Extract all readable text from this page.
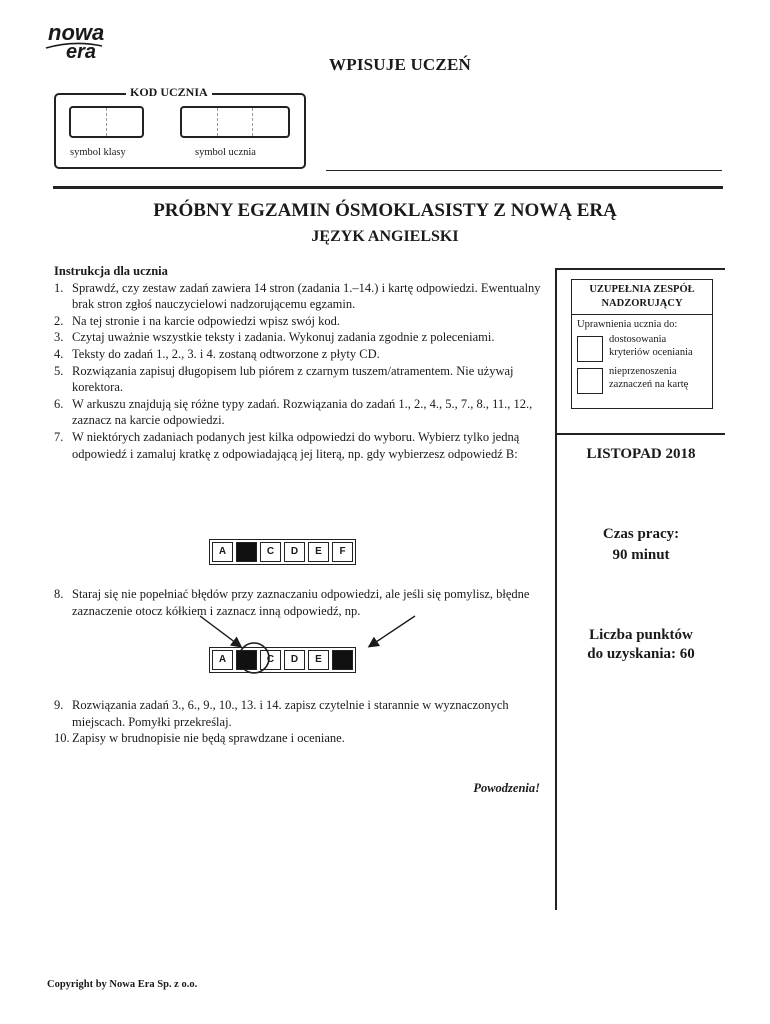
nowa
era
WPISUJE UCZEŃ
KOD UCZNIA
symbol klasy	symbol ucznia
PRÓBNY EGZAMIN ÓSMOKLASISTY Z NOWĄ ERĄ
JĘZYK ANGIELSKI
Instrukcja dla ucznia
1. Sprawdź, czy zestaw zadań zawiera 14 stron (zadania 1.–14.) i kartę odpowiedzi. Ewentualny brak stron zgłoś nauczycielowi nadzorującemu egzamin.
2. Na tej stronie i na karcie odpowiedzi wpisz swój kod.
3. Czytaj uważnie wszystkie teksty i zadania. Wykonuj zadania zgodnie z poleceniami.
4. Teksty do zadań 1., 2., 3. i 4. zostaną odtworzone z płyty CD.
5. Rozwiązania zapisuj długopisem lub piórem z czarnym tuszem/atramentem. Nie używaj korektora.
6. W arkuszu znajdują się różne typy zadań. Rozwiązania do zadań 1., 2., 4., 5., 7., 8., 11., 12., zaznacz na karcie odpowiedzi.
7. W niektórych zadaniach podanych jest kilka odpowiedzi do wyboru. Wybierz tylko jedną odpowiedź i zamaluj kratkę z odpowiadającą jej literą, np. gdy wybierzesz odpowiedź B:
8. Staraj się nie popełniać błędów przy zaznaczaniu odpowiedzi, ale jeśli się pomylisz, błędne zaznaczenie otocz kółkiem i zaznacz inną odpowiedź, np.
A	C	D	E	F
A	C	D	E
9. Rozwiązania zadań 3., 6., 9., 10., 13. i 14. zapisz czytelnie i starannie w wyznaczonych miejscach. Pomyłki przekreślaj.
10. Zapisy w brudnopisie nie będą sprawdzane i oceniane.
Powodzenia!
UZUPEŁNIA ZESPÓŁ NADZORUJĄCY
Uprawnienia ucznia do:
dostosowania kryteriów oceniania
nieprzenoszenia zaznaczeń na kartę
LISTOPAD 2018
Czas pracy:
90 minut
Liczba punktów
do uzyskania: 60
Copyright by Nowa Era Sp. z o.o.
